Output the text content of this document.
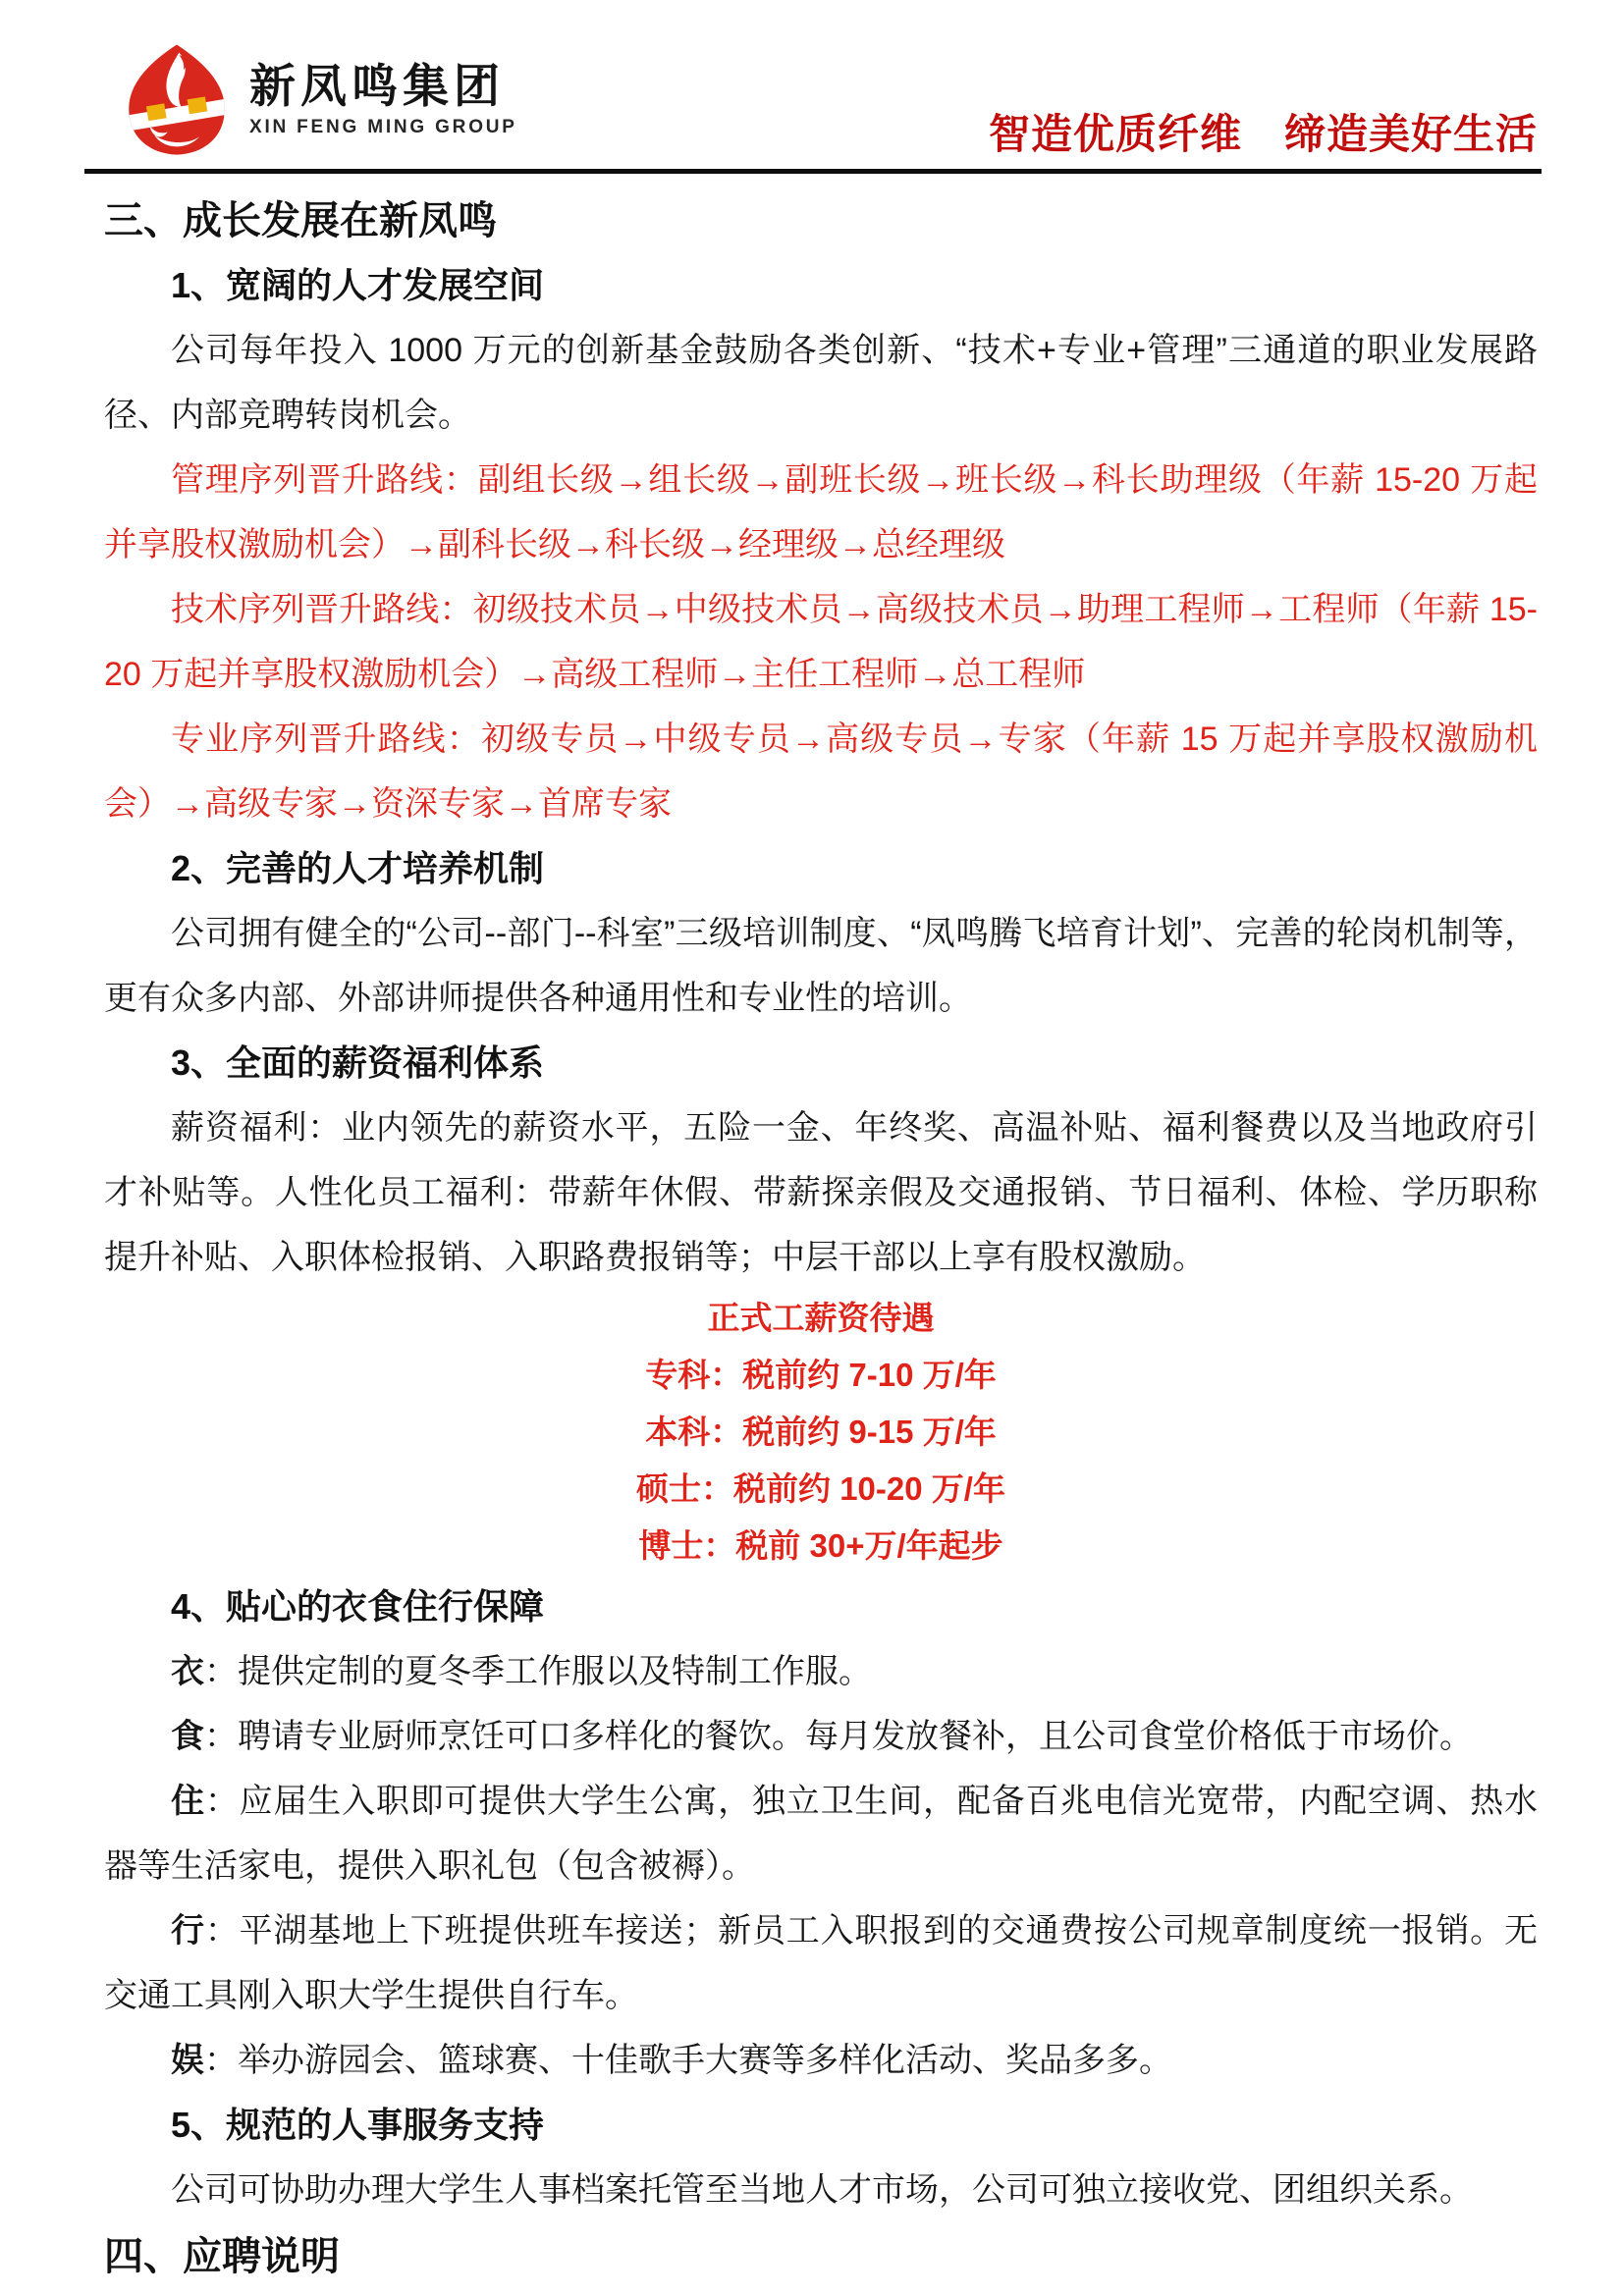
新凤鸣集团
XIN FENG MING GROUP	智造优质纤维　缔造美好生活
三、成长发展在新凤鸣
1、宽阔的人才发展空间

公司每年投入 1000 万元的创新基金鼓励各类创新、“技术+专业+管理”三通道的职业发展路径、内部竞聘转岗机会。

管理序列晋升路线：副组长级→组长级→副班长级→班长级→科长助理级（年薪 15-20 万起并享股权激励机会）→副科长级→科长级→经理级→总经理级

技术序列晋升路线：初级技术员→中级技术员→高级技术员→助理工程师→工程师（年薪 15-20 万起并享股权激励机会）→高级工程师→主任工程师→总工程师

专业序列晋升路线：初级专员→中级专员→高级专员→专家（年薪 15 万起并享股权激励机会）→高级专家→资深专家→首席专家

2、完善的人才培养机制

公司拥有健全的“公司--部门--科室”三级培训制度、“凤鸣腾飞培育计划”、完善的轮岗机制等，更有众多内部、外部讲师提供各种通用性和专业性的培训。

3、全面的薪资福利体系

薪资福利：业内领先的薪资水平，五险一金、年终奖、高温补贴、福利餐费以及当地政府引才补贴等。人性化员工福利：带薪年休假、带薪探亲假及交通报销、节日福利、体检、学历职称提升补贴、入职体检报销、入职路费报销等；中层干部以上享有股权激励。

正式工薪资待遇
专科：税前约 7-10 万/年
本科：税前约 9-15 万/年
硕士：税前约 10-20 万/年
博士：税前 30+万/年起步
4、贴心的衣食住行保障

衣：提供定制的夏冬季工作服以及特制工作服。

食：聘请专业厨师烹饪可口多样化的餐饮。每月发放餐补，且公司食堂价格低于市场价。

住：应届生入职即可提供大学生公寓，独立卫生间，配备百兆电信光宽带，内配空调、热水器等生活家电，提供入职礼包（包含被褥）。

行：平湖基地上下班提供班车接送；新员工入职报到的交通费按公司规章制度统一报销。无交通工具刚入职大学生提供自行车。

娱：举办游园会、篮球赛、十佳歌手大赛等多样化活动、奖品多多。

5、规范的人事服务支持

公司可协助办理大学生人事档案托管至当地人才市场，公司可独立接收党、团组织关系。

四、应聘说明
